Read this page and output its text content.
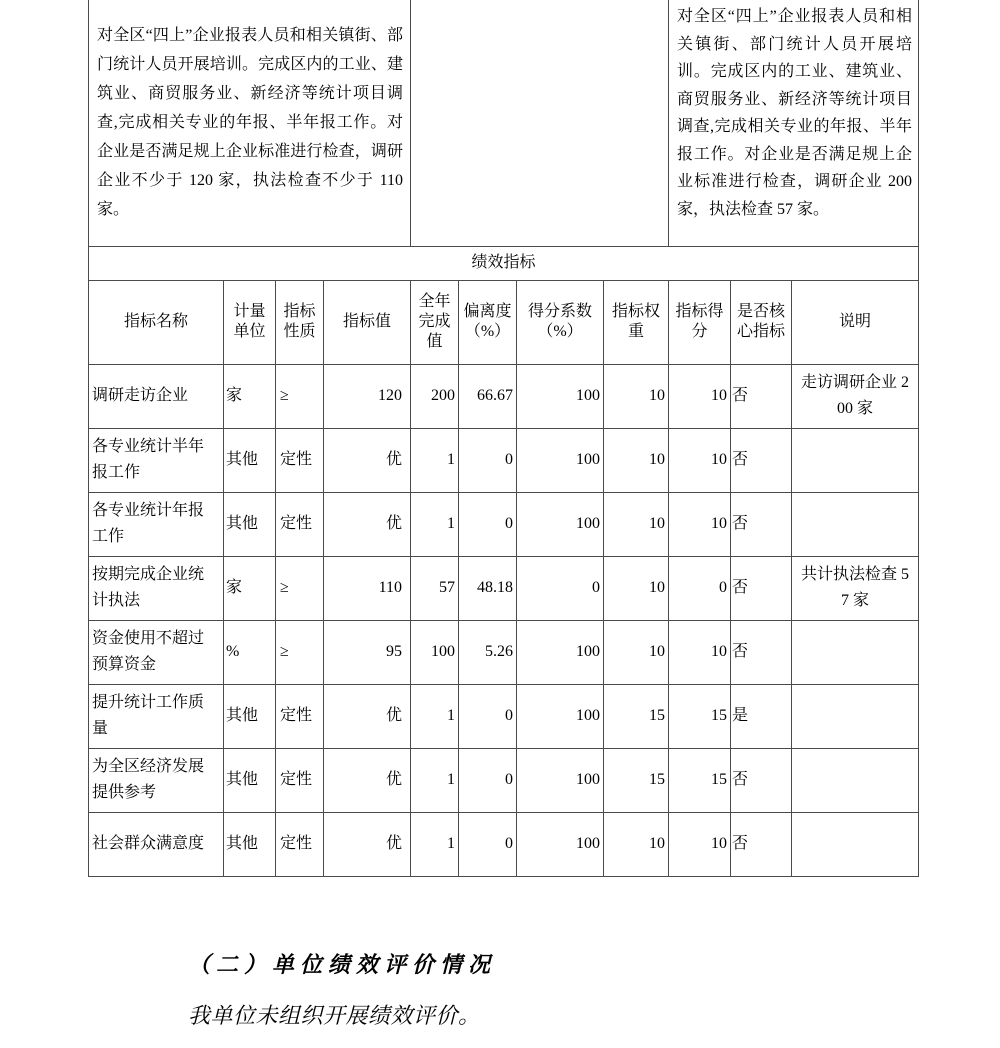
对全区“四上”企业报表人员和相关镇街、部门统计人员开展培训。完成区内的工业、建筑业、商贸服务业、新经济等统计项目调查,完成相关专业的年报、半年报工作。对企业是否满足规上企业标准进行检查，调研企业不少于 120 家，执法检查不少于 110 家。								对全区“四上”企业报表人员和相关镇街、部门统计人员开展培训。完成区内的工业、建筑业、商贸服务业、新经济等统计项目调查,完成相关专业的年报、半年报工作。对企业是否满足规上企业标准进行检查，调研企业 200 家，执法检查 57 家。		
绩效指标										
指标名称	计量单位	指标性质	指标值	全年完成值	偏离度（%）	得分系数（%）	指标权重	指标得分	是否核心指标	说明
调研走访企业	家	≥	120	200	66.67	100	10	10	否	走访调研企业 200 家
各专业统计半年报工作	其他	定性	优	1	0	100	10	10	否	
各专业统计年报工作	其他	定性	优	1	0	100	10	10	否	
按期完成企业统计执法	家	≥	110	57	48.18	0	10	0	否	共计执法检查 57 家
资金使用不超过预算资金	%	≥	95	100	5.26	100	10	10	否	
提升统计工作质量	其他	定性	优	1	0	100	15	15	是	
为全区经济发展提供参考	其他	定性	优	1	0	100	15	15	否	
社会群众满意度	其他	定性	优	1	0	100	10	10	否	
（二）单位绩效评价情况
我单位未组织开展绩效评价。
